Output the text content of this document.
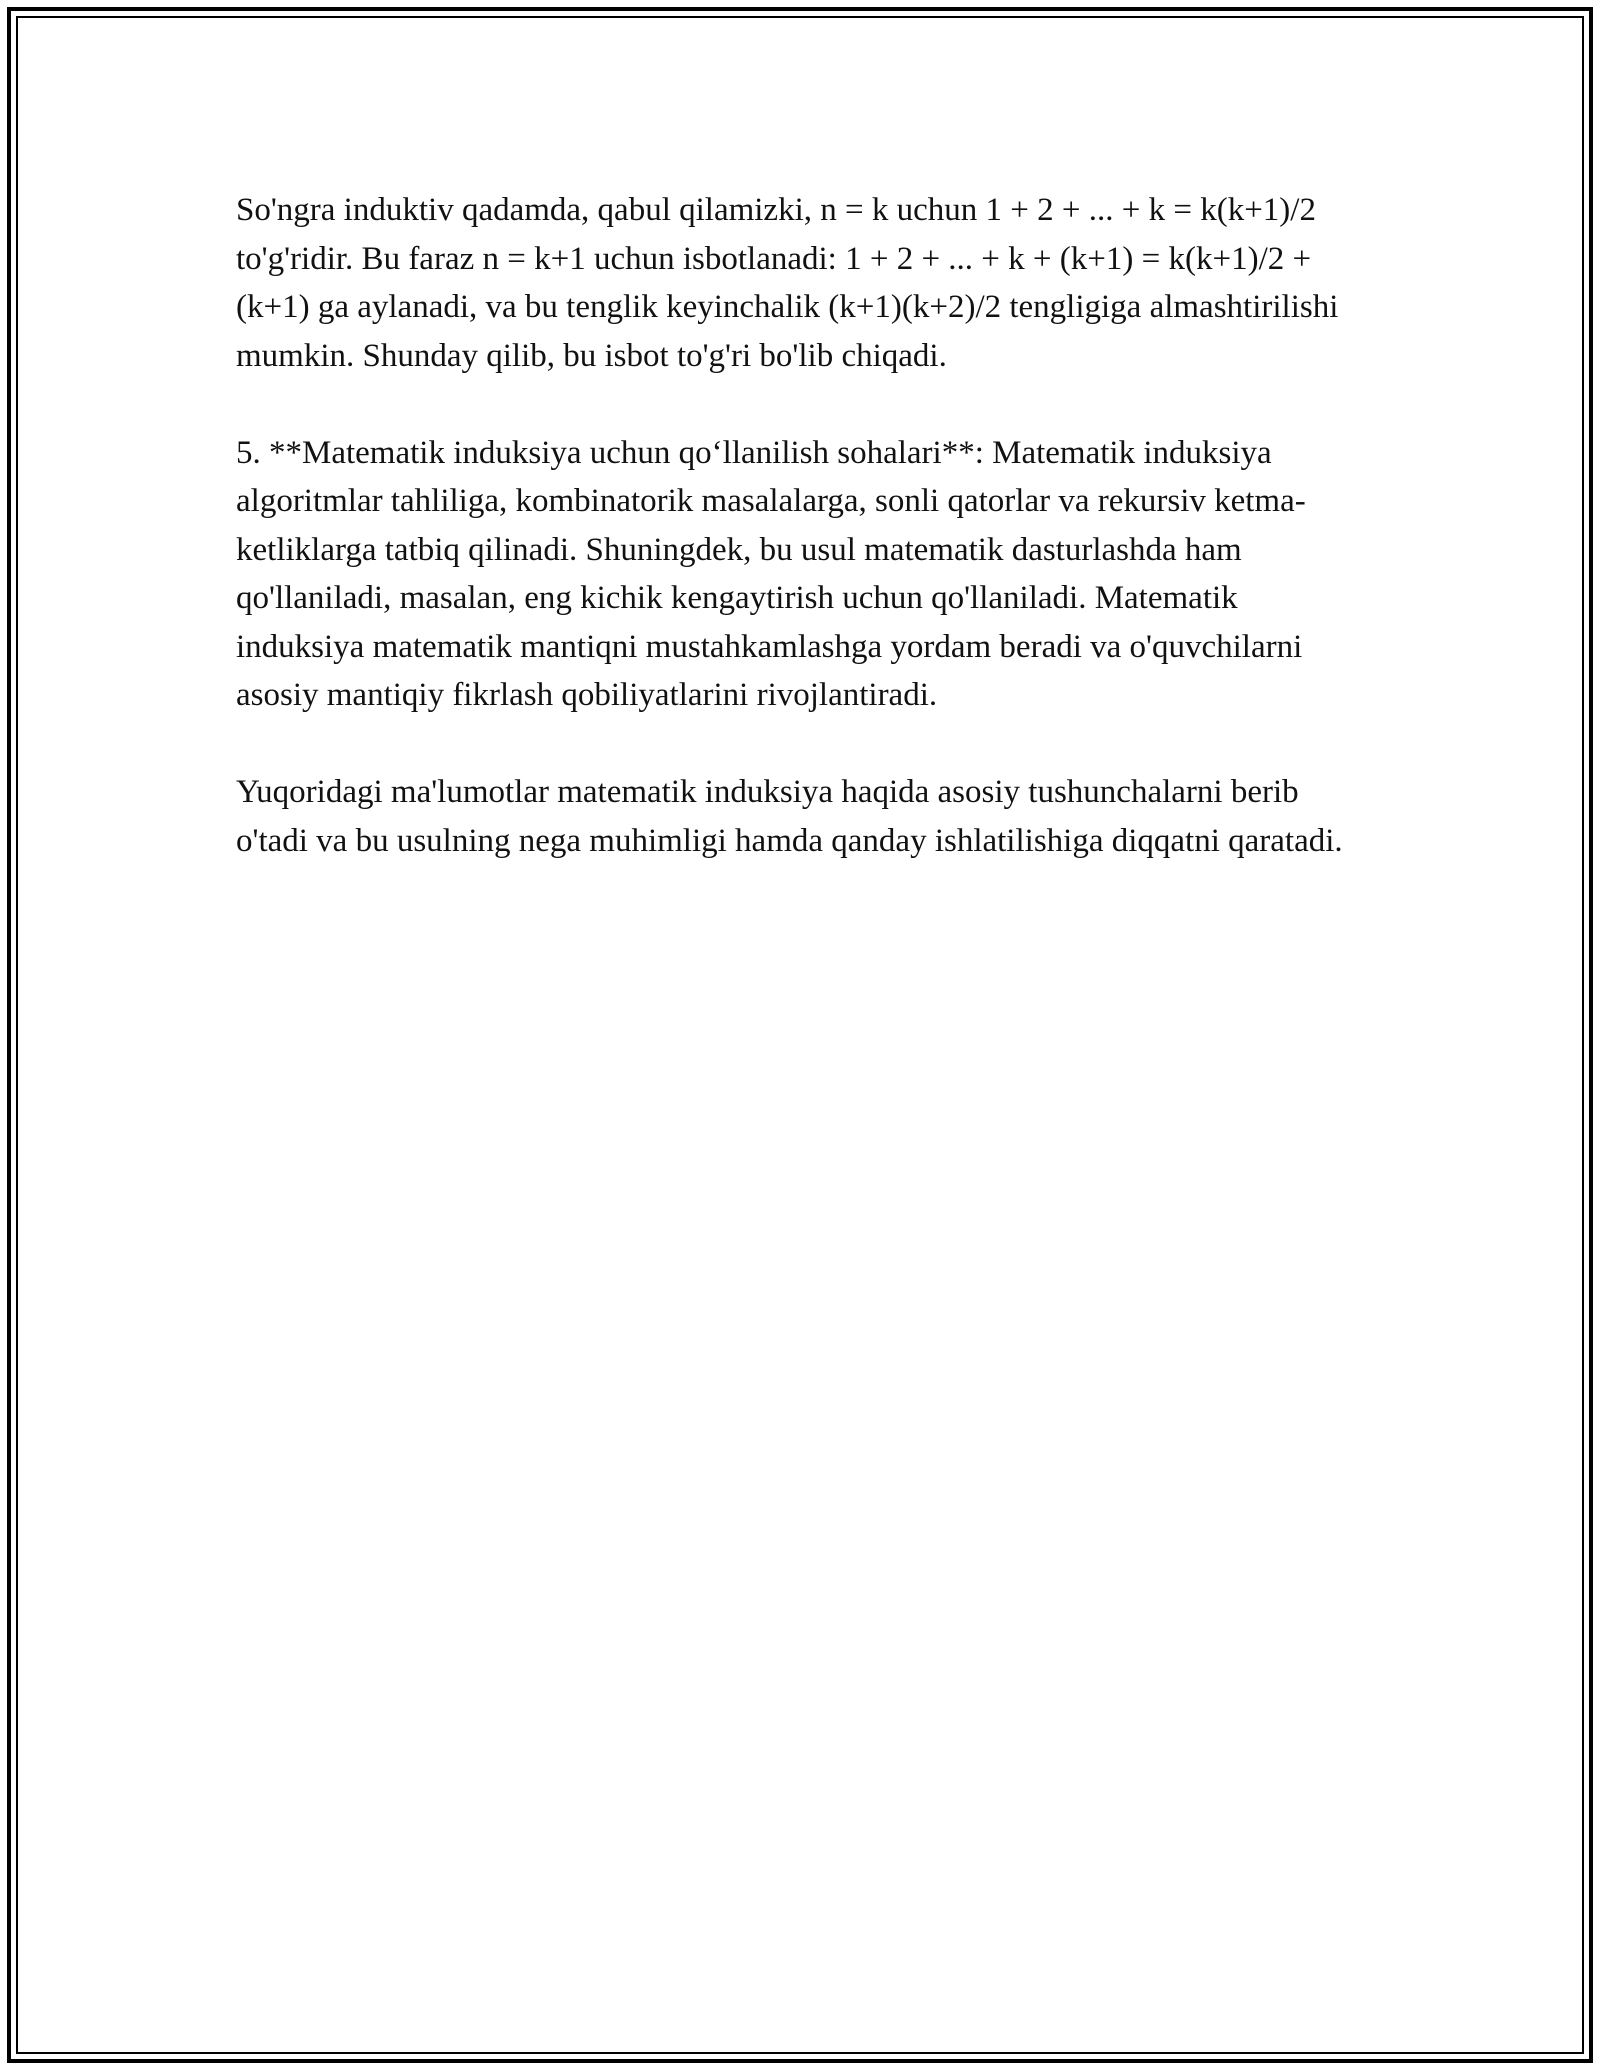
So'ngra induktiv qadamda, qabul qilamizki, n = k uchun 1 + 2 + ... + k = k(k+1)/2 to'g'ridir. Bu faraz n = k+1 uchun isbotlanadi: 1 + 2 + ... + k + (k+1) = k(k+1)/2 + (k+1) ga aylanadi, va bu tenglik keyinchalik (k+1)(k+2)/2 tengligiga almashtirilishi mumkin. Shunday qilib, bu isbot to'g'ri bo'lib chiqadi.

5. **Matematik induksiya uchun qo‘llanilish sohalari**: Matematik induksiya algoritmlar tahliliga, kombinatorik masalalarga, sonli qatorlar va rekursiv ketma-ketliklarga tatbiq qilinadi. Shuningdek, bu usul matematik dasturlashda ham qo'llaniladi, masalan, eng kichik kengaytirish uchun qo'llaniladi. Matematik induksiya matematik mantiqni mustahkamlashga yordam beradi va o'quvchilarni asosiy mantiqiy fikrlash qobiliyatlarini rivojlantiradi.

Yuqoridagi ma'lumotlar matematik induksiya haqida asosiy tushunchalarni berib o'tadi va bu usulning nega muhimligi hamda qanday ishlatilishiga diqqatni qaratadi.
